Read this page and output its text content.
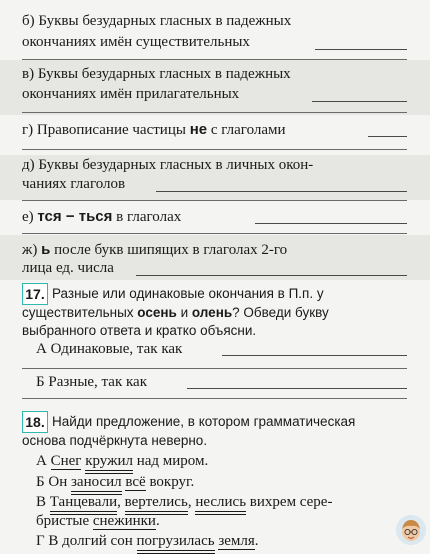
б) Буквы безударных гласных в падежных
окончаниях имён существительных
в) Буквы безударных гласных в падежных
окончаниях имён прилагательных
г) Правописание частицы не с глаголами
д) Буквы безударных гласных в личных окон-
чаниях глаголов
е) тся − ться в глаголах
ж) ь после букв шипящих в глаголах 2-го
лица ед. числа
17. Разные или одинаковые окончания в П.п. у
существительных осень и олень? Обведи букву
выбранного ответа и кратко объясни.
А Одинаковые, так как
Б Разные, так как
18. Найди предложение, в котором грамматическая
основа подчёркнута неверно.
А Снег кружил над миром.
Б Он заносил всё вокруг.
В Танцевали, вертелись, неслись вихрем сере-
бристые снежинки.
Г В долгий сон погрузилась земля.
